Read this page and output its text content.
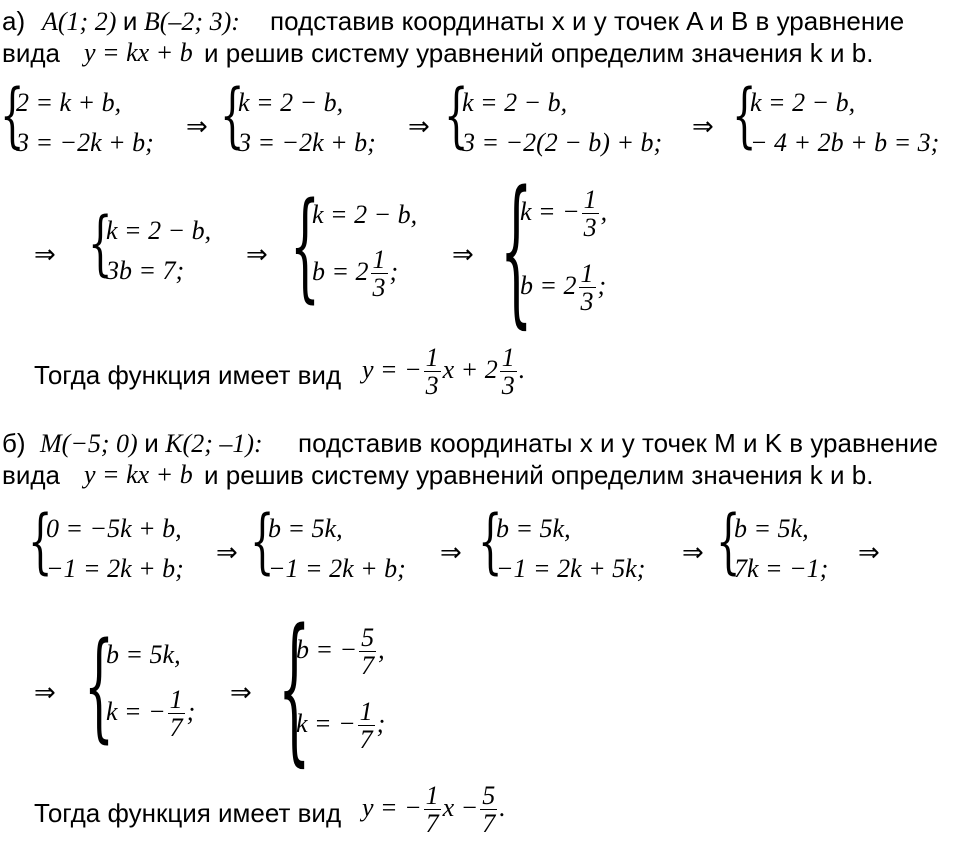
а) A(1; 2) и B(–2; 3): подставив координаты x и y точек A и B в уравнение
вида y = kx + b и решив систему уравнений определим значения k и b.
{
2 = k + b,
3 = −2k + b;
⇒ {
k = 2 − b,
3 = −2k + b;
⇒ {
k = 2 − b,
3 = −2(2 − b) + b;
⇒ {
k = 2 − b,
− 4 + 2b + b = 3;
⇒ {
k = 2 − b,
3b = 7;
⇒ {
k = 2 − b,
$b = 2 \frac{1}{3}$ ;
⇒ {
k = − $\frac{1}{3}$ ,
$b = 2 \frac{1}{3}$ ;
Тогда функция имеет вид y = − $\frac{1}{3}$ $x + 2 \frac{1}{3}$ .
б) M(−5; 0) и K(2; –1): подставив координаты x и y точек M и K в уравнение
вида y = kx + b и решив систему уравнений определим значения k и b.
{
0 = −5k + b,
−1 = 2k + b;
⇒ {
b = 5k,
−1 = 2k + b;
⇒ {
b = 5k,
−1 = 2k + 5k;
⇒ {
b = 5k,
7k = −1;
⇒
⇒ {
b = 5k,
k = − $\frac{1}{7}$ ;
⇒ {
b = − $\frac{5}{7}$ ,
k = − $\frac{1}{7}$ ;
Тогда функция имеет вид y = − $\frac{1}{7}$ $x - \frac{5}{7}$ .
